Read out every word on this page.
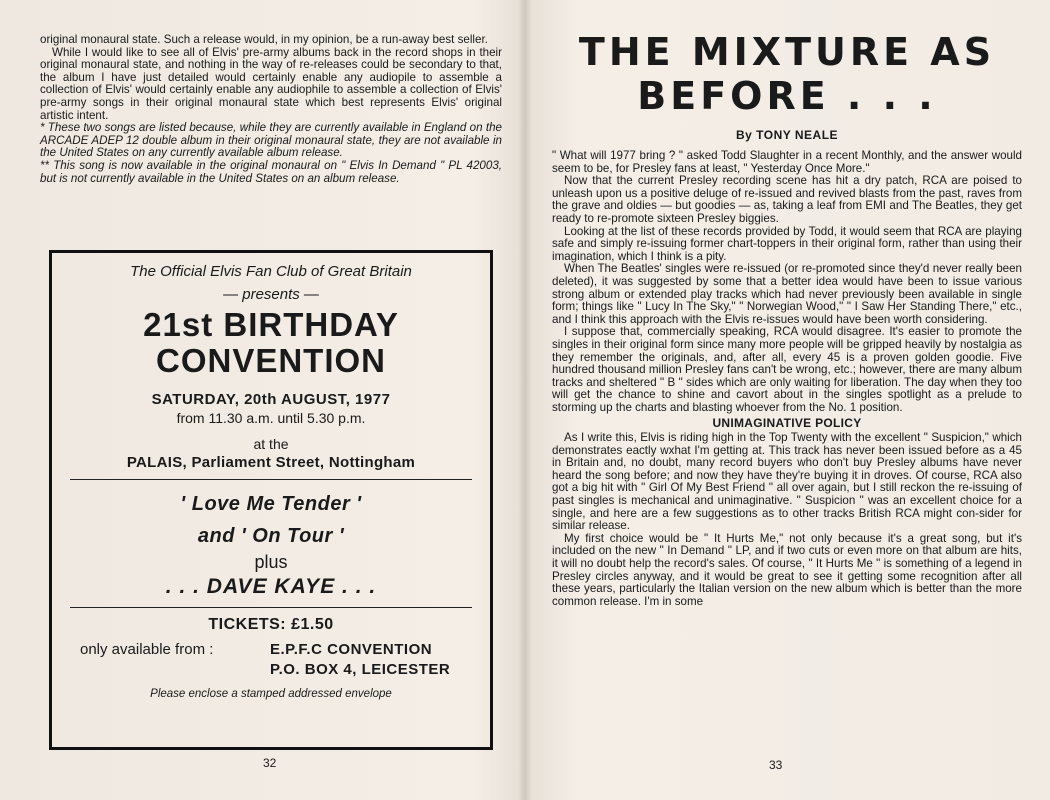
original monaural state. Such a release would, in my opinion, be a run-away best seller.

While I would like to see all of Elvis' pre-army albums back in the record shops in their original monaural state, and nothing in the way of re-releases could be secondary to that, the album I have just detailed would certainly enable any audiopile to assemble a collection of Elvis' would certainly enable any audiophile to assemble a collection of Elvis' pre-army songs in their original monaural state which best represents Elvis' original artistic intent.

* These two songs are listed because, while they are currently available in England on the ARCADE ADEP 12 double album in their original monaural state, they are not available in the United States on any currently available album release.

** This song is now available in the original monaural on " Elvis In Demand " PL 42003, but is not currently available in the United States on an album release.

The Official Elvis Fan Club of Great Britain
— presents —
21st BIRTHDAY
CONVENTION
SATURDAY, 20th AUGUST, 1977
from 11.30 a.m. until 5.30 p.m.
at the
PALAIS, Parliament Street, Nottingham
' Love Me Tender '
and ' On Tour '
plus
. . . DAVE KAYE . . .
TICKETS: £1.50
only available from :	E.P.F.C CONVENTION
P.O. BOX 4, LEICESTER
Please enclose a stamped addressed envelope
32
THE MIXTURE AS
BEFORE . . .
By TONY NEALE

" What will 1977 bring ? " asked Todd Slaughter in a recent Monthly, and the answer would seem to be, for Presley fans at least, " Yesterday Once More."

Now that the current Presley recording scene has hit a dry patch, RCA are poised to unleash upon us a positive deluge of re-issued and revived blasts from the past, raves from the grave and oldies — but goodies — as, taking a leaf from EMI and The Beatles, they get ready to re-promote sixteen Presley biggies.

Looking at the list of these records provided by Todd, it would seem that RCA are playing safe and simply re-issuing former chart-toppers in their original form, rather than using their imagination, which I think is a pity.

When The Beatles' singles were re-issued (or re-promoted since they'd never really been deleted), it was suggested by some that a better idea would have been to issue various strong album or extended play tracks which had never previously been available in single form; things like " Lucy In The Sky," " Norwegian Wood," " I Saw Her Standing There," etc., and I think this approach with the Elvis re-issues would have been worth considering.

I suppose that, commercially speaking, RCA would disagree. It's easier to promote the singles in their original form since many more people will be gripped heavily by nostalgia as they remember the originals, and, after all, every 45 is a proven golden goodie. Five hundred thousand million Presley fans can't be wrong, etc.; however, there are many album tracks and sheltered " B " sides which are only waiting for liberation. The day when they too will get the chance to shine and cavort about in the singles spotlight as a prelude to storming up the charts and blasting whoever from the No. 1 position.

UNIMAGINATIVE POLICY

As I write this, Elvis is riding high in the Top Twenty with the excellent " Suspicion," which demonstrates eactly wxhat I'm getting at. This track has never been issued before as a 45 in Britain and, no doubt, many record buyers who don't buy Presley albums have never heard the song before; and now they have they're buying it in droves. Of course, RCA also got a big hit with " Girl Of My Best Friend " all over again, but I still reckon the re-issuing of past singles is mechanical and unimaginative. " Suspicion " was an excellent choice for a single, and here are a few suggestions as to other tracks British RCA might con-sider for similar release.

My first choice would be " It Hurts Me," not only because it's a great song, but it's included on the new " In Demand " LP, and if two cuts or even more on that album are hits, it will no doubt help the record's sales. Of course, " It Hurts Me " is something of a legend in Presley circles anyway, and it would be great to see it getting some recognition after all these years, particularly the Italian version on the new album which is better than the more common release. I'm in some

33
